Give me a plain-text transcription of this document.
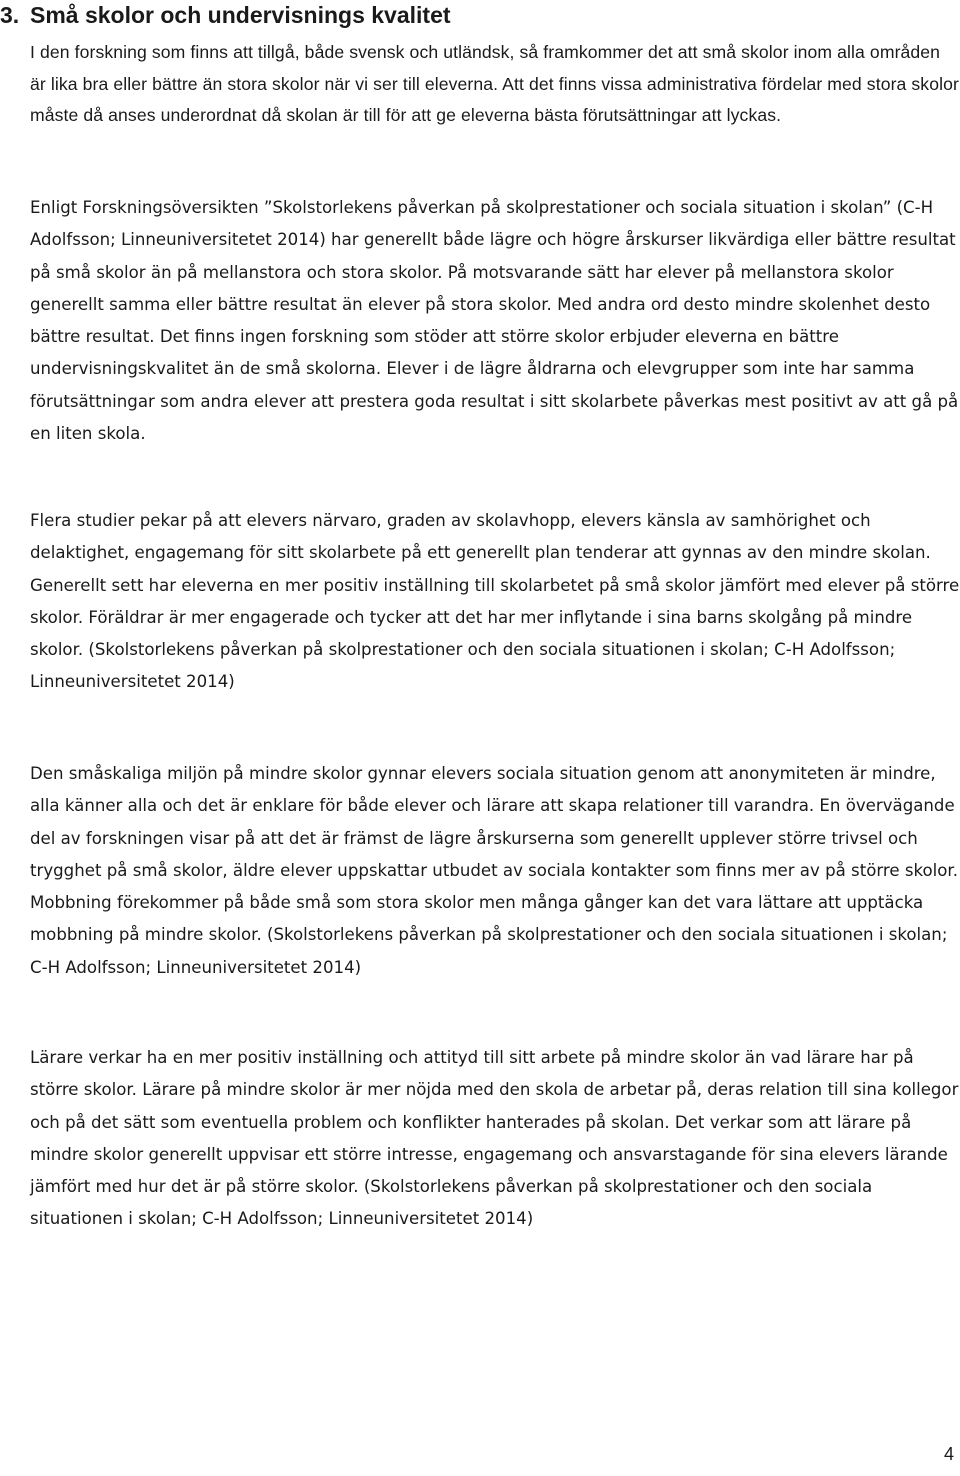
3. Små skolor och undervisnings kvalitet

I den forskning som finns att tillgå, både svensk och utländsk, så framkommer det att små skolor inom alla områden är lika bra eller bättre än stora skolor när vi ser till eleverna. Att det finns vissa administrativa fördelar med stora skolor måste då anses underordnat då skolan är till för att ge eleverna bästa förutsättningar att lyckas.

Enligt Forskningsöversikten ”Skolstorlekens påverkan på skolprestationer och sociala situation i skolan” (C-H Adolfsson; Linneuniversitetet 2014) har generellt både lägre och högre årskurser likvärdiga eller bättre resultat på små skolor än på mellanstora och stora skolor. På motsvarande sätt har elever på mellanstora skolor generellt samma eller bättre resultat än elever på stora skolor. Med andra ord desto mindre skolenhet desto bättre resultat. Det finns ingen forskning som stöder att större skolor erbjuder eleverna en bättre undervisningskvalitet än de små skolorna. Elever i de lägre åldrarna och elevgrupper som inte har samma förutsättningar som andra elever att prestera goda resultat i sitt skolarbete påverkas mest positivt av att gå på en liten skola.

Flera studier pekar på att elevers närvaro, graden av skolavhopp, elevers känsla av samhörighet och delaktighet, engagemang för sitt skolarbete på ett generellt plan tenderar att gynnas av den mindre skolan. Generellt sett har eleverna en mer positiv inställning till skolarbetet på små skolor jämfört med elever på större skolor. Föräldrar är mer engagerade och tycker att det har mer inflytande i sina barns skolgång på mindre skolor. (Skolstorlekens påverkan på skolprestationer och den sociala situationen i skolan; C-H Adolfsson; Linneuniversitetet 2014)

Den småskaliga miljön på mindre skolor gynnar elevers sociala situation genom att anonymiteten är mindre, alla känner alla och det är enklare för både elever och lärare att skapa relationer till varandra. En övervägande del av forskningen visar på att det är främst de lägre årskurserna som generellt upplever större trivsel och trygghet på små skolor, äldre elever uppskattar utbudet av sociala kontakter som finns mer av på större skolor. Mobbning förekommer på både små som stora skolor men många gånger kan det vara lättare att upptäcka mobbning på mindre skolor. (Skolstorlekens påverkan på skolprestationer och den sociala situationen i skolan; C-H Adolfsson; Linneuniversitetet 2014)

Lärare verkar ha en mer positiv inställning och attityd till sitt arbete på mindre skolor än vad lärare har på större skolor. Lärare på mindre skolor är mer nöjda med den skola de arbetar på, deras relation till sina kollegor och på det sätt som eventuella problem och konflikter hanterades på skolan. Det verkar som att lärare på mindre skolor generellt uppvisar ett större intresse, engagemang och ansvarstagande för sina elevers lärande jämfört med hur det är på större skolor. (Skolstorlekens påverkan på skolprestationer och den sociala situationen i skolan; C-H Adolfsson; Linneuniversitetet 2014)

4
